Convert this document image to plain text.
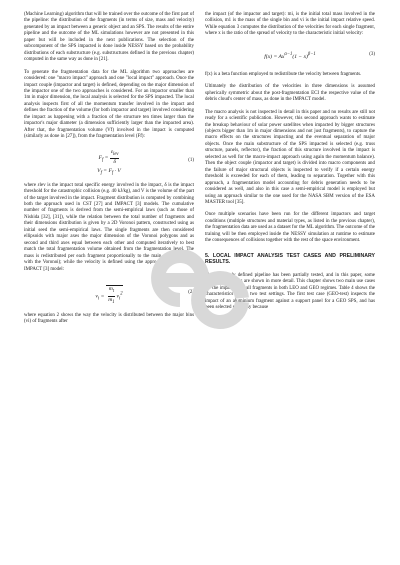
(Machine Learning) algorithm that will be trained over the outcome of the first part of the pipeline: the distribution of the fragments (in terms of size, mass and velocity) generated by an impact between a generic object and an SPS. The results of the entire pipeline and the outcome of the ML simulations however are not presented in this paper but will be included in the next publications. The selection of the subcomponent of the SPS impacted is done inside NESSY based on the probability distributions of each substructure (e.g. substructures defined in the previous chapter) computed in the same way as done in [21].

To generate the fragmentation data for the ML algorithm two approaches are considered: one "macro impact" approach and one "local impact" approach. Once the impact couple (impactor and target) is defined, depending on the major dimension of the impactor one of the two approaches is considered. For an impactor smaller than 1m in major dimension, the local analysis is selected for the SPS impacted. The local analysis inspects first of all the momentum transfer involved in the impact and defines the fraction of the volume (for both impactor and target) involved considering the impact as happening with a fraction of the structure ten times larger than the impactor's major diameter (a dimension sufficiently larger than the impacted area). After that, the fragmentation volume (Vf) involved in the impact is computed (similarly as done in [27]), from the fragmentation level (Ff):

$F_f = \frac{\varepsilon_{lev}}{\delta}$
$V_f = F_f \cdot V$
(1)

where εlev is the impact total specific energy involved in the impact, δ is the impact threshold for the catastrophic collision (e.g. 40 kJ/kg), and V is the volume of the part of the target involved in the impact. Fragment distribution is computed by combining both the approach used in CST [27] and IMPACT [3] models. The cumulative number of fragments is derived from the semi-empirical laws (such as those of Nishida [32], [31]), while the relation between the total number of fragments and their dimensions distribution is given by a 2D Voronoi pattern, constructed using as initial seed the semi-empirical laws. The single fragments are then considered ellipsoids with major axes the major dimension of the Voronoi polygons and as second and third axes equal between each other and computed iteratively to best match the total fragmentation volume obtained from the fragmentation level. The mass is redistributed per each fragment proportionally to the main size (computed with the Voronoi); while the velocity is defined using the approach defined in the IMPACT [3] model:

$v_i = \frac{m_t}{m_1} v_i^2$	(2)

where equation 2 shows the way the velocity is distributed between the major bins (vi) of fragments after

the impact (of the impactor and target): mi, is the initial total mass involved in the collision, m1 is the mass of the single bin and vi is the initial impact relative speed. While equation 3 computes the distribution of the velocities for each single fragment, where x is the ratio of the spread of velocity to the characteristic initial velocity:

$f(x) = Ax^{\alpha-1}(1 - x)^{\beta-1}$	(3)

f(x) is a beta function employed to redistribute the velocity between fragments.

Ultimately the distribution of the velocities in three dimensions is assumed spherically symmetric about the post-fragmentation ECI the respective value of the debris cloud's center of mass, as done in the IMPACT model.

The macro analysis is not inspected in detail in this paper and no results are still not ready for a scientific publication. However, this second approach wants to estimate the breakup behaviour of solar power satellites when impacted by bigger structures (objects bigger than 1m in major dimensions and not just fragments), to capture the macro effects on the structures impacting and the eventual separation of major objects. Once the main substructure of the SPS impacted is selected (e.g. truss structure, panels, reflector), the fraction of this structure involved in the impact is selected as well for the macro-impact approach using again the momentum balance). Then the object couple (impactor and target) is divided into macro components and the failure of major structural objects is inspected to verify if a certain energy threshold is exceeded for each of them, leading to separation. Together with this approach, a fragmentation model accounting for debris generation needs to be considered as well, and also in this case a semi-empirical model is employed but using an approach similar to the one used for the NASA SBM version of the ESA MASTER tool [35].

Once multiple scenarios have been run for the different impactors and target conditions (multiple structures and material types, as listed in the previous chapter), the fragmentation data are used as a dataset for the ML algorithm. The outcome of the training will be then employed inside the NESSY simulation at runtime to estimate the consequences of collisions together with the rest of the space environment.

5. LOCAL IMPACT ANALYSIS TEST CASES AND PRELIMINARY RESULTS.

The previously defined pipeline has been partially tested, and in this paper, some preliminary results are shown in more detail. This chapter shows two main use cases for the impact of small fragments in both LEO and GEO regimes. Table 4 shows the characteristics of the two test settings. The first test case (GEO-test) inspects the impact of an aluminium fragment against a support panel for a GEO SPS, and has been selected explicitly because
